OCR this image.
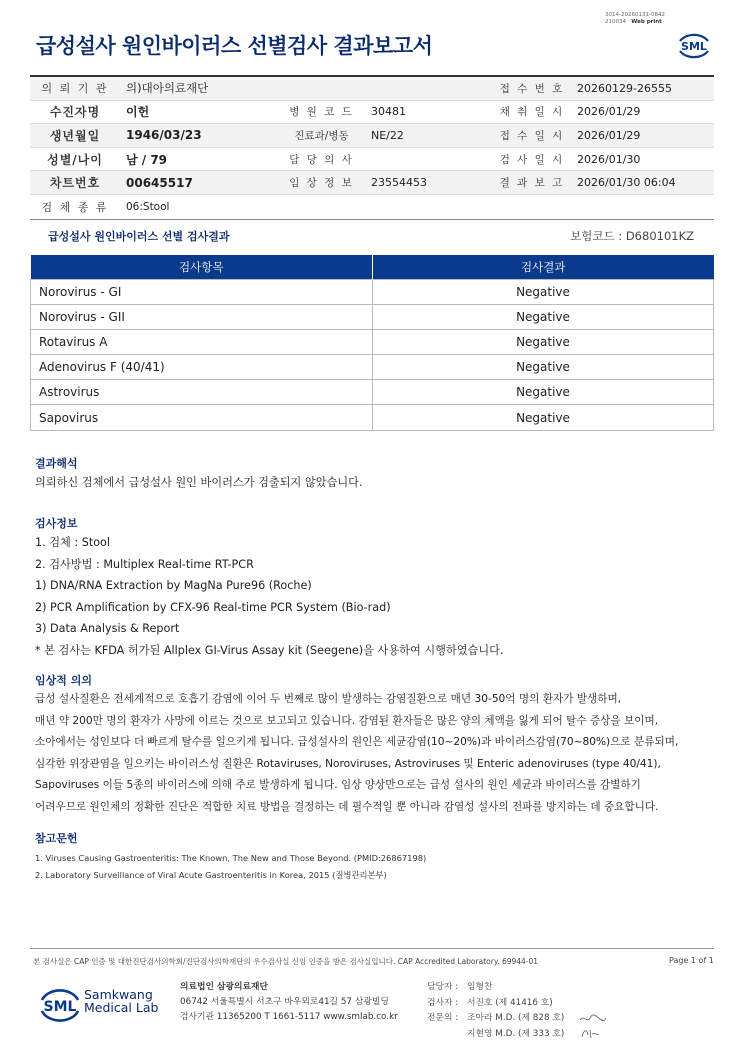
3014-20260131-0842
210034 Web print
급성설사 원인바이러스 선별검사 결과보고서	SML
의 뢰 기 관	의)대아의료재단	접 수 번 호	20260129-26555
수진자명	이헌	병 원 코 드	30481	채 취 일 시	2026/01/29
생년월일	1946/03/23	진료과/병동	NE/22	접 수 일 시	2026/01/29
성별/나이	남 / 79	담 당 의 사	검 사 일 시	2026/01/30
차트번호	00645517	임 상 정 보	23554453	결 과 보 고	2026/01/30 06:04
검 체 종 류	06:Stool
급성설사 원인바이러스 선별 검사결과	보험코드 : D680101KZ
검사항목	검사결과
Norovirus - GI	Negative
Norovirus - GII	Negative
Rotavirus A	Negative
Adenovirus F (40/41)	Negative
Astrovirus	Negative
Sapovirus	Negative
결과해석
의뢰하신 검체에서 급성설사 원인 바이러스가 검출되지 않았습니다.
검사정보
1. 검체 : Stool
2. 검사방법 : Multiplex Real-time RT-PCR
1) DNA/RNA Extraction by MagNa Pure96 (Roche)
2) PCR Amplification by CFX-96 Real-time PCR System (Bio-rad)
3) Data Analysis & Report
* 본 검사는 KFDA 허가된 Allplex GI-Virus Assay kit (Seegene)을 사용하여 시행하였습니다.
임상적 의의
급성 설사질환은 전세계적으로 호흡기 감염에 이어 두 번째로 많이 발생하는 감염질환으로 매년 30-50억 명의 환자가 발생하며,
매년 약 200만 명의 환자가 사망에 이르는 것으로 보고되고 있습니다. 감염된 환자들은 많은 양의 체액을 잃게 되어 탈수 증상을 보이며,
소아에서는 성인보다 더 빠르게 탈수를 일으키게 됩니다. 급성설사의 원인은 세균감염(10~20%)과 바이러스감염(70~80%)으로 분류되며,
심각한 위장관염을 일으키는 바이러스성 질환은 Rotaviruses, Noroviruses, Astroviruses 및 Enteric adenoviruses (type 40/41),
Sapoviruses 이들 5종의 바이러스에 의해 주로 발생하게 됩니다. 임상 양상만으로는 급성 설사의 원인 세균과 바이러스를 감별하기
어려우므로 원인체의 정확한 진단은 적합한 치료 방법을 결정하는 데 필수적일 뿐 아니라 감염성 설사의 전파를 방지하는 데 중요합니다.
참고문헌
1. Viruses Causing Gastroenteritis: The Known, The New and Those Beyond. (PMID:26867198)
2. Laboratory Surveillance of Viral Acute Gastroenteritis in Korea, 2015 (질병관리본부)
본 검사실은 CAP 인증 및 대한진단검사의학회/진단검사의학재단의 우수검사실 신임 인증을 받은 검사실입니다. CAP Accredited Laboratory. 69944-01	Page 1 of 1
SML
Samkwang
Medical Lab
의료법인 삼광의료재단
06742 서울특별시 서초구 바우뫼로41길 57 삼광빌딩
검사기관 11365200 T 1661-5117 www.smlab.co.kr
담당자 : 임형찬
검사자 : 서진호 (제 41416 호)
전문의 : 조아라 M.D. (제 828 호)
지현영 M.D. (제 333 호)
